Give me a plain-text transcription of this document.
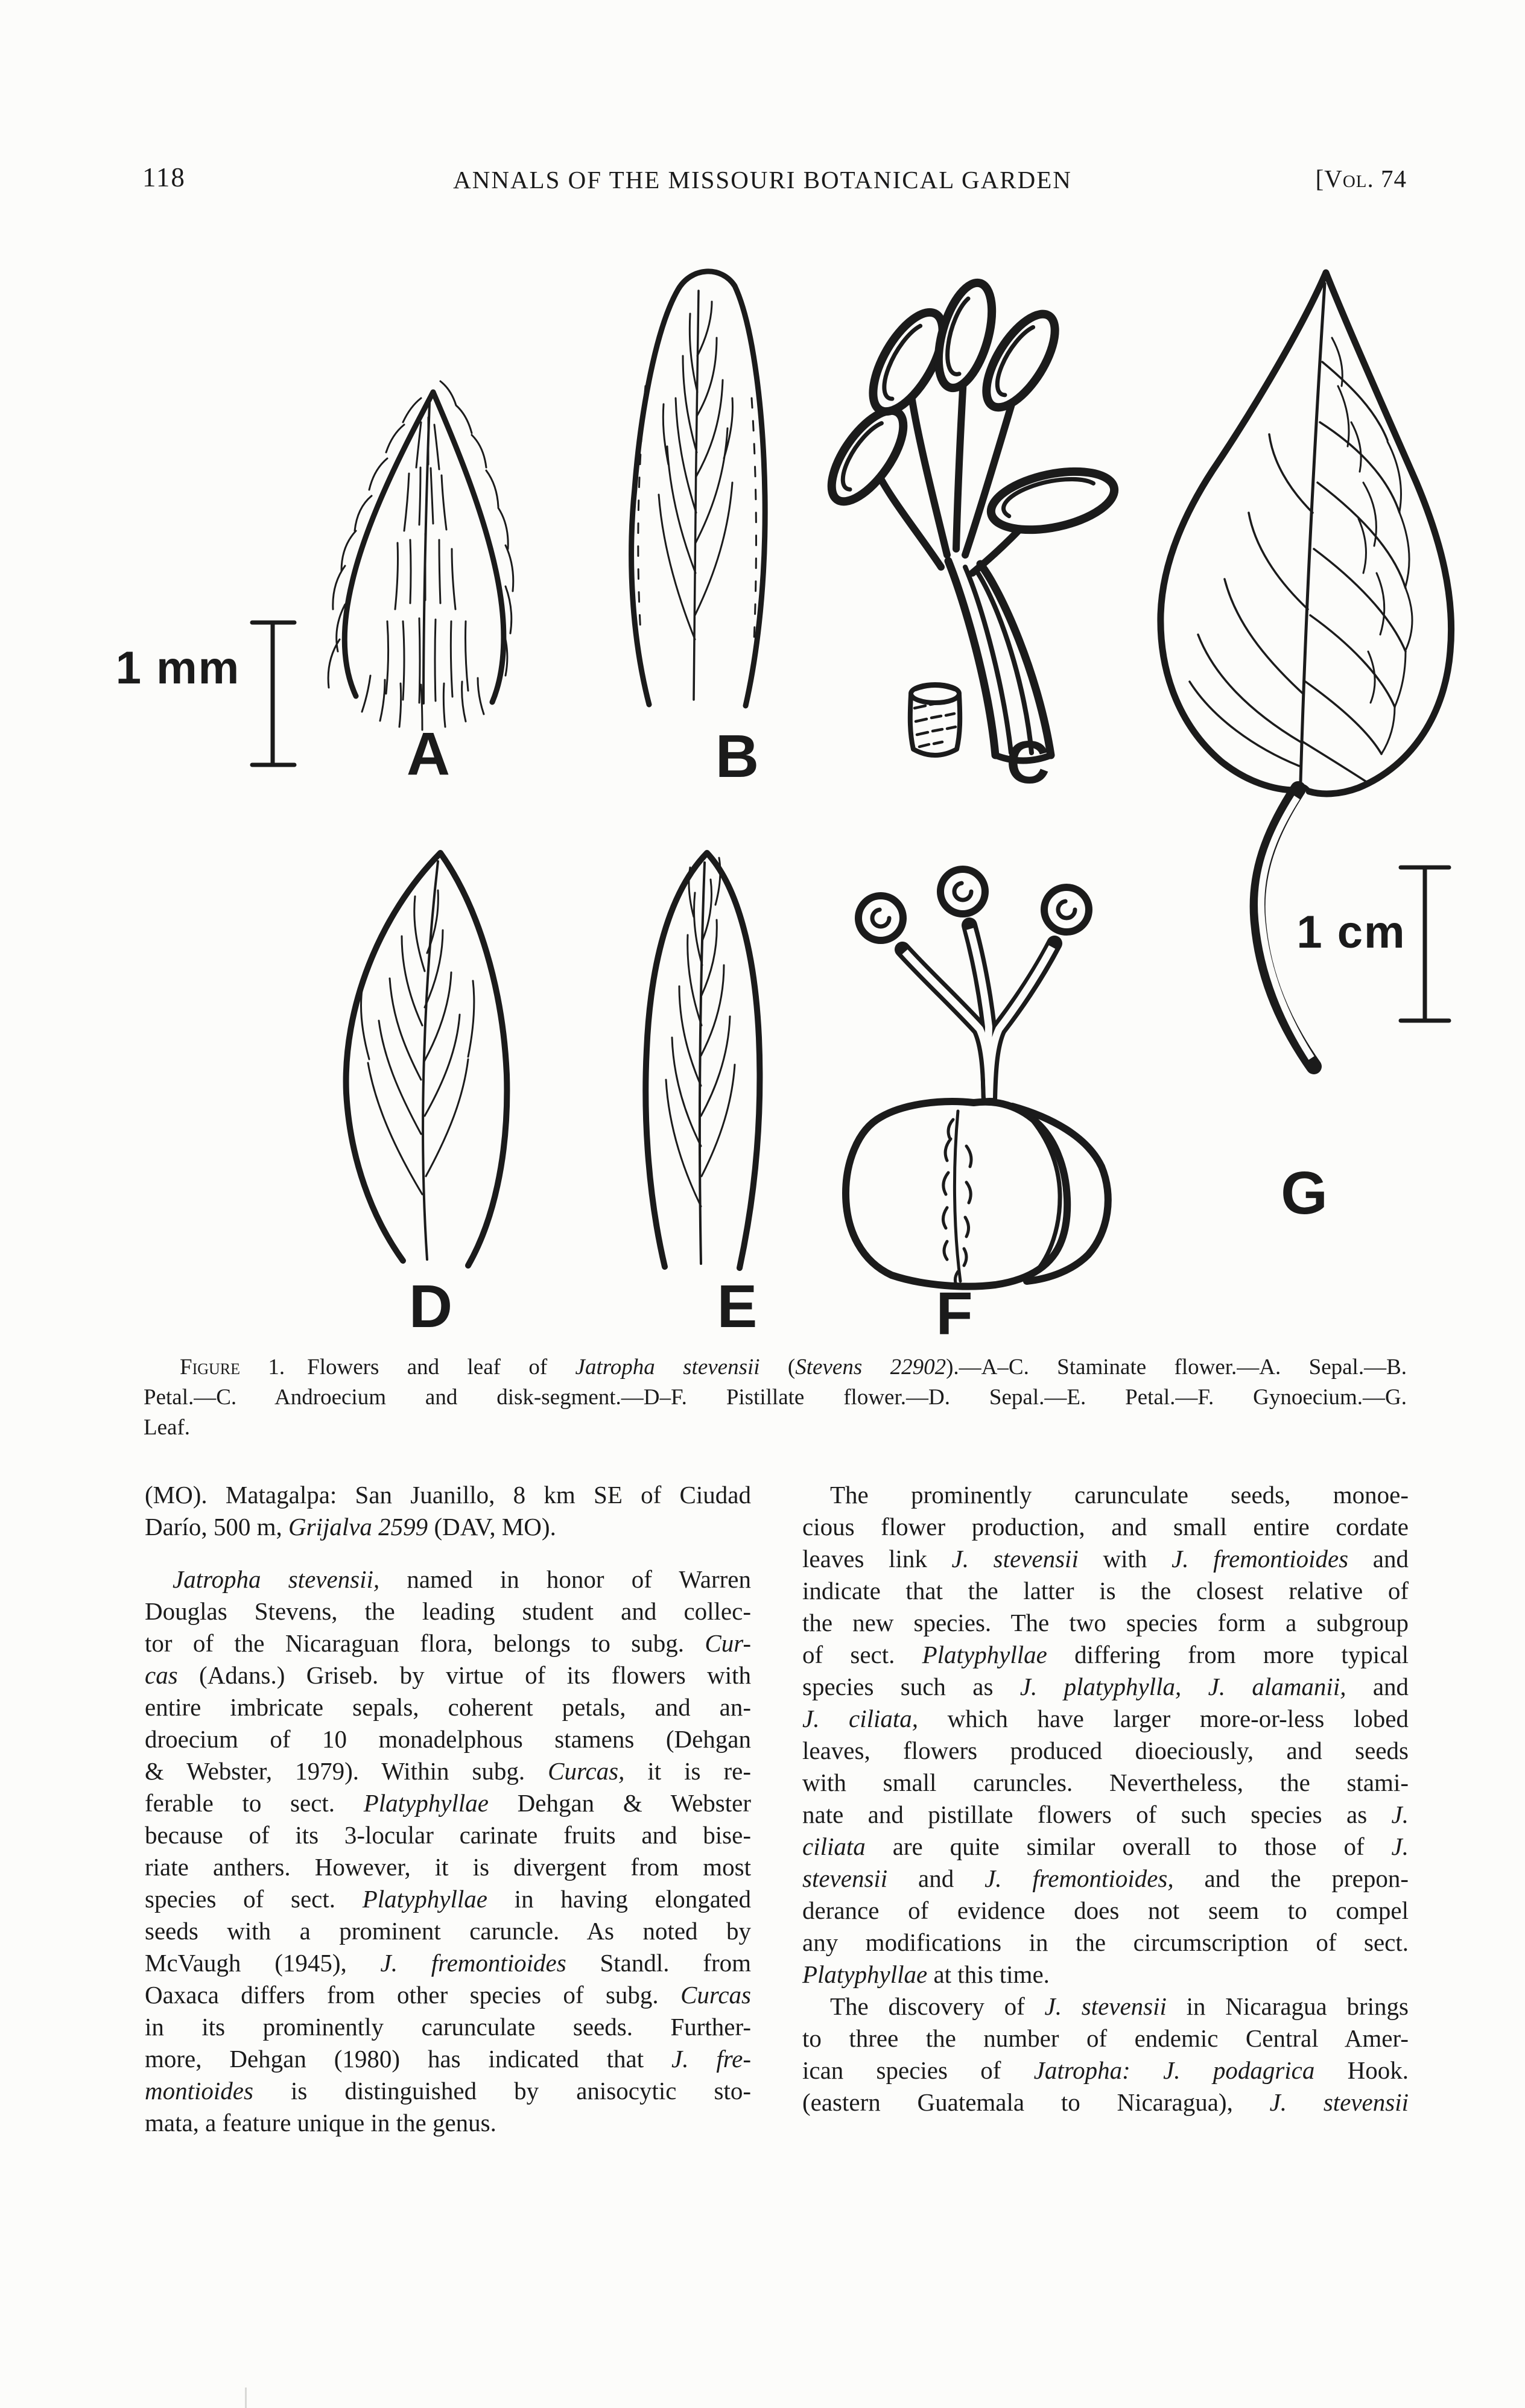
118	ANNALS OF THE MISSOURI BOTANICAL GARDEN	[Vol. 74
1 mm
1 cm
A	B	C
D	E	F
G
Figure 1. Flowers and leaf of Jatropha stevensii (Stevens 22902).—A–C. Staminate flower.—A. Sepal.—B.
Petal.—C. Androecium and disk-segment.—D–F. Pistillate flower.—D. Sepal.—E. Petal.—F. Gynoecium.—G.
Leaf.
(MO). Matagalpa: San Juanillo, 8 km SE of Ciudad
Darío, 500 m, Grijalva 2599 (DAV, MO).
Jatropha stevensii, named in honor of Warren
Douglas Stevens, the leading student and collec-
tor of the Nicaraguan flora, belongs to subg. Cur-
cas (Adans.) Griseb. by virtue of its flowers with
entire imbricate sepals, coherent petals, and an-
droecium of 10 monadelphous stamens (Dehgan
& Webster, 1979). Within subg. Curcas, it is re-
ferable to sect. Platyphyllae Dehgan & Webster
because of its 3-locular carinate fruits and bise-
riate anthers. However, it is divergent from most
species of sect. Platyphyllae in having elongated
seeds with a prominent caruncle. As noted by
McVaugh (1945), J. fremontioides Standl. from
Oaxaca differs from other species of subg. Curcas
in its prominently carunculate seeds. Further-
more, Dehgan (1980) has indicated that J. fre-
montioides is distinguished by anisocytic sto-
mata, a feature unique in the genus.
The prominently carunculate seeds, monoe-
cious flower production, and small entire cordate
leaves link J. stevensii with J. fremontioides and
indicate that the latter is the closest relative of
the new species. The two species form a subgroup
of sect. Platyphyllae differing from more typical
species such as J. platyphylla, J. alamanii, and
J. ciliata, which have larger more-or-less lobed
leaves, flowers produced dioeciously, and seeds
with small caruncles. Nevertheless, the stami-
nate and pistillate flowers of such species as J.
ciliata are quite similar overall to those of J.
stevensii and J. fremontioides, and the prepon-
derance of evidence does not seem to compel
any modifications in the circumscription of sect.
Platyphyllae at this time.
The discovery of J. stevensii in Nicaragua brings
to three the number of endemic Central Amer-
ican species of Jatropha: J. podagrica Hook.
(eastern Guatemala to Nicaragua), J. stevensii
